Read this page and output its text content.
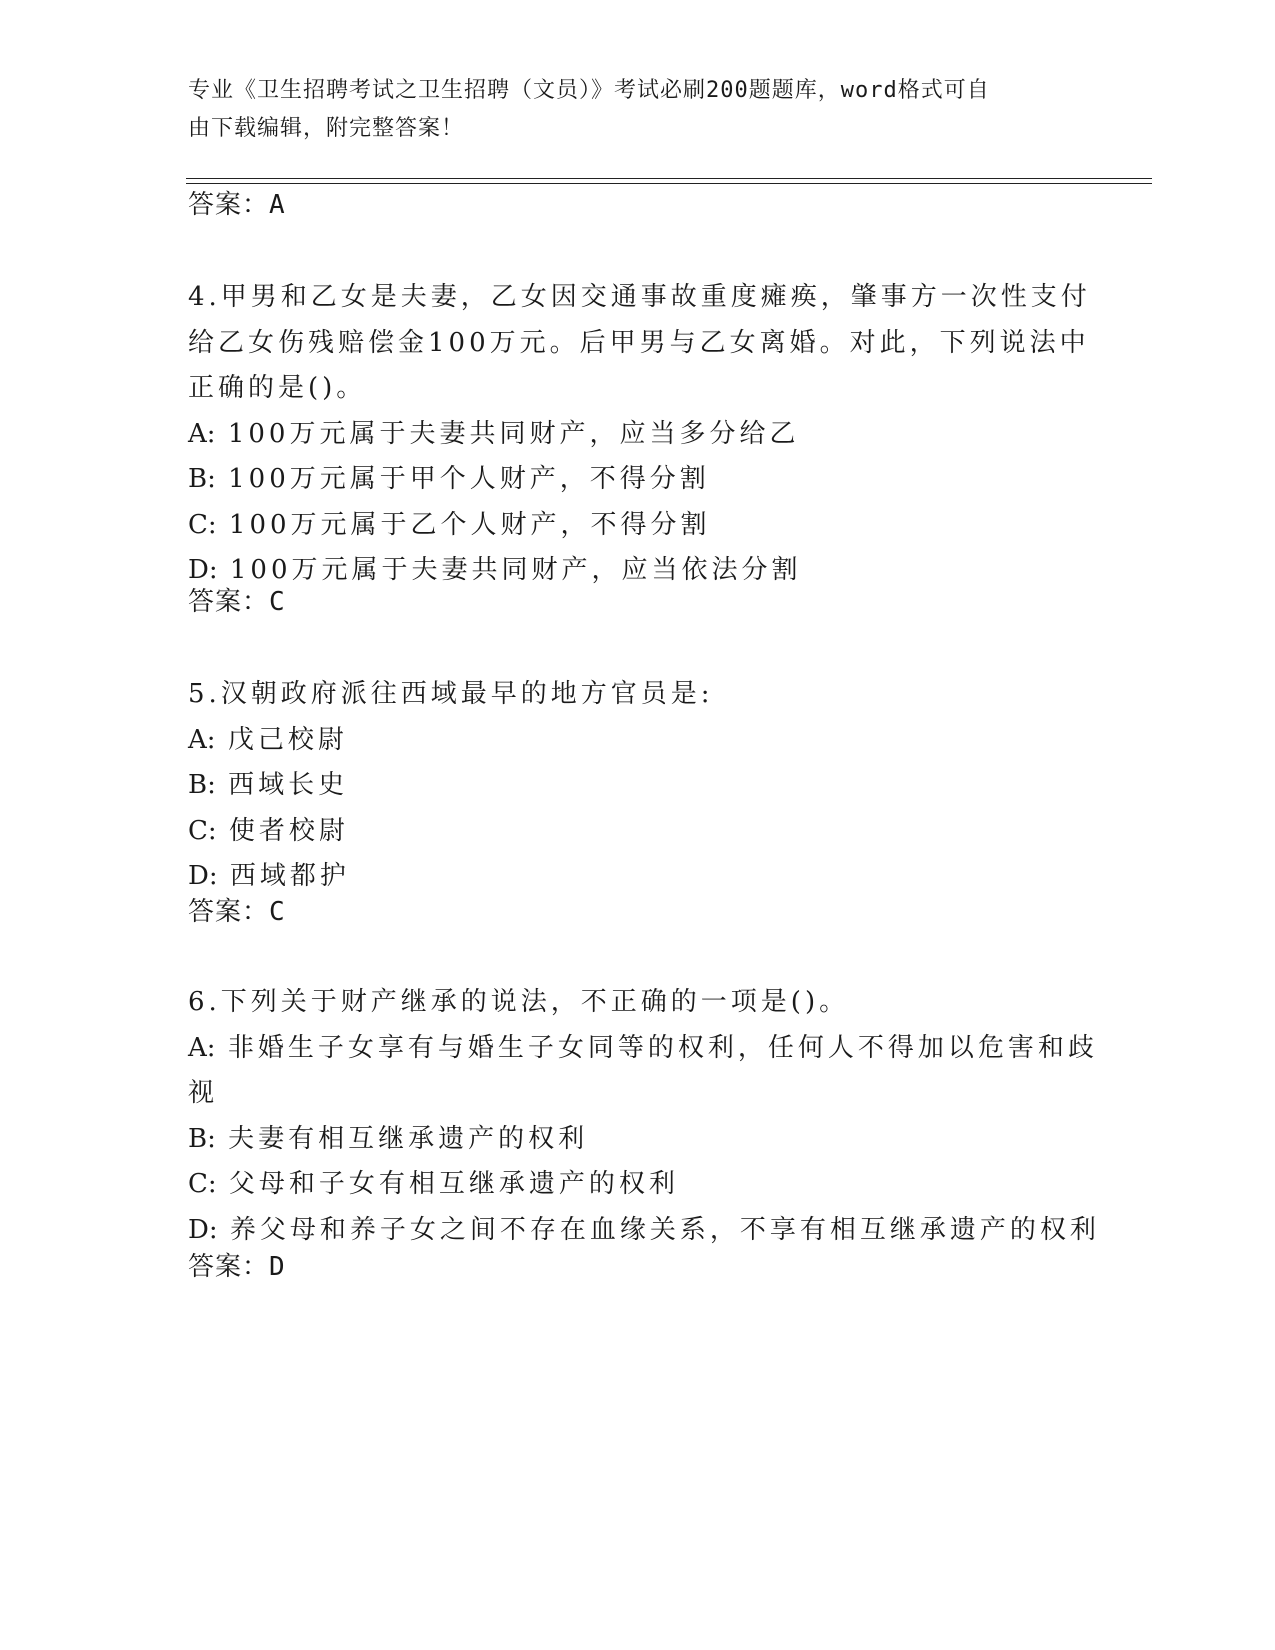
专业《卫生招聘考试之卫生招聘（文员）》考试必刷200题题库，word格式可自
由下载编辑，附完整答案！
答案：A
4.甲男和乙女是夫妻，乙女因交通事故重度瘫痪，肇事方一次性支付
给乙女伤残赔偿金100万元。后甲男与乙女离婚。对此，下列说法中
正确的是()。
A: 100万元属于夫妻共同财产，应当多分给乙
B: 100万元属于甲个人财产，不得分割
C: 100万元属于乙个人财产，不得分割
D: 100万元属于夫妻共同财产，应当依法分割
答案：C
5.汉朝政府派往西域最早的地方官员是:
A: 戊己校尉
B: 西域长史
C: 使者校尉
D: 西域都护
答案：C
6.下列关于财产继承的说法，不正确的一项是()。
A: 非婚生子女享有与婚生子女同等的权利，任何人不得加以危害和歧
视
B: 夫妻有相互继承遗产的权利
C: 父母和子女有相互继承遗产的权利
D: 养父母和养子女之间不存在血缘关系，不享有相互继承遗产的权利
答案：D
